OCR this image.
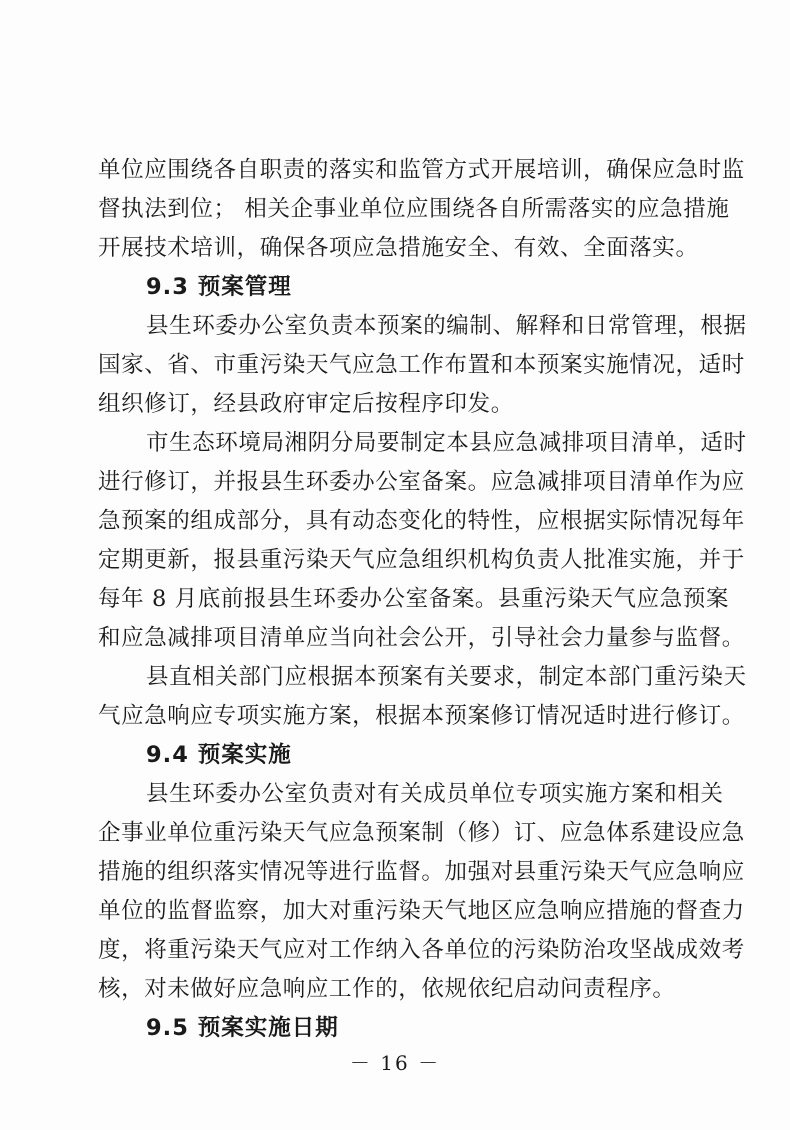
单位应围绕各自职责的落实和监管方式开展培训，确保应急时监
督执法到位； 相关企事业单位应围绕各自所需落实的应急措施
开展技术培训，确保各项应急措施安全、有效、全面落实。
9.3 预案管理
县生环委办公室负责本预案的编制、解释和日常管理，根据
国家、省、市重污染天气应急工作布置和本预案实施情况，适时
组织修订，经县政府审定后按程序印发。
市生态环境局湘阴分局要制定本县应急减排项目清单，适时
进行修订，并报县生环委办公室备案。应急减排项目清单作为应
急预案的组成部分，具有动态变化的特性，应根据实际情况每年
定期更新，报县重污染天气应急组织机构负责人批准实施，并于
每年 8 月底前报县生环委办公室备案。县重污染天气应急预案
和应急减排项目清单应当向社会公开，引导社会力量参与监督。
县直相关部门应根据本预案有关要求，制定本部门重污染天
气应急响应专项实施方案，根据本预案修订情况适时进行修订。
9.4 预案实施
县生环委办公室负责对有关成员单位专项实施方案和相关
企事业单位重污染天气应急预案制（修）订、应急体系建设应急
措施的组织落实情况等进行监督。加强对县重污染天气应急响应
单位的监督监察，加大对重污染天气地区应急响应措施的督查力
度，将重污染天气应对工作纳入各单位的污染防治攻坚战成效考
核，对未做好应急响应工作的，依规依纪启动问责程序。
9.5 预案实施日期
－ 16 －
